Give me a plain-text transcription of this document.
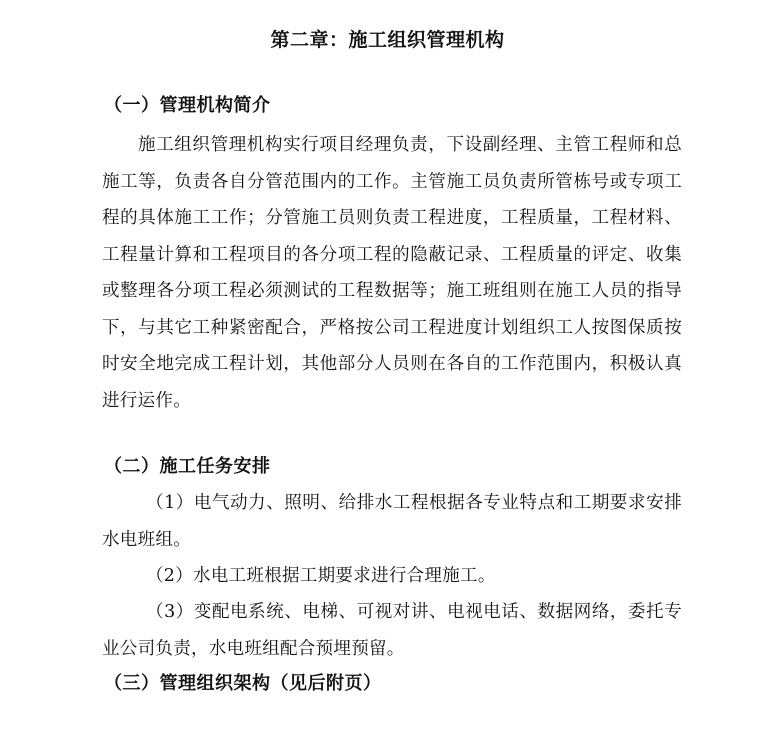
第二章：施工组织管理机构
（一）管理机构简介
施工组织管理机构实行项目经理负责，下设副经理、主管工程师和总施工等，负责各自分管范围内的工作。主管施工员负责所管栋号或专项工程的具体施工工作；分管施工员则负责工程进度，工程质量，工程材料、工程量计算和工程项目的各分项工程的隐蔽记录、工程质量的评定、收集或整理各分项工程必须测试的工程数据等；施工班组则在施工人员的指导下，与其它工种紧密配合，严格按公司工程进度计划组织工人按图保质按时安全地完成工程计划，其他部分人员则在各自的工作范围内，积极认真进行运作。
（二）施工任务安排
（1）电气动力、照明、给排水工程根据各专业特点和工期要求安排水电班组。
（2）水电工班根据工期要求进行合理施工。
（3）变配电系统、电梯、可视对讲、电视电话、数据网络，委托专业公司负责，水电班组配合预埋预留。
（三）管理组织架构（见后附页）
